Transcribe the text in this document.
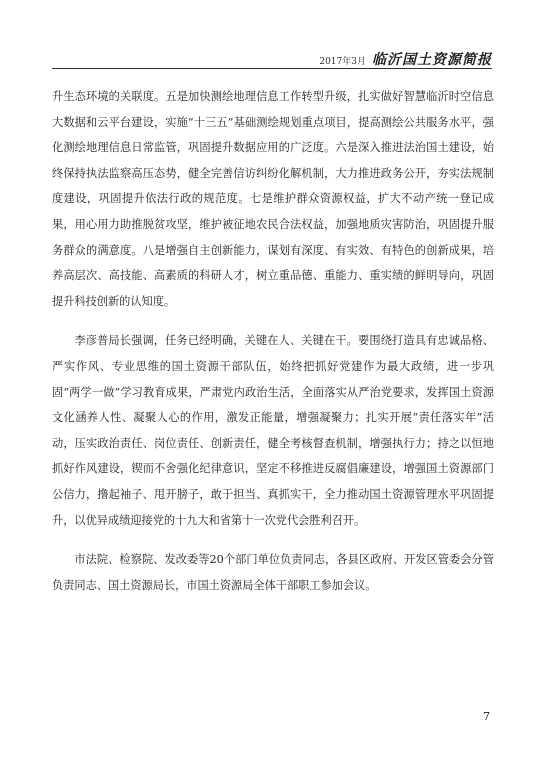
2017年3月 临沂国土资源简报

升生态环境的关联度。五是加快测绘地理信息工作转型升级，扎实做好智慧临沂时空信息大数据和云平台建设，实施“十三五”基础测绘规划重点项目，提高测绘公共服务水平，强化测绘地理信息日常监管，巩固提升数据应用的广泛度。六是深入推进法治国土建设，始终保持执法监察高压态势，健全完善信访纠纷化解机制，大力推进政务公开，夯实法规制度建设，巩固提升依法行政的规范度。七是维护群众资源权益，扩大不动产统一登记成果，用心用力助推脱贫攻坚，维护被征地农民合法权益，加强地质灾害防治，巩固提升服务群众的满意度。八是增强自主创新能力，谋划有深度、有实效、有特色的创新成果，培养高层次、高技能、高素质的科研人才，树立重品德、重能力、重实绩的鲜明导向，巩固提升科技创新的认知度。

李彦普局长强调，任务已经明确，关键在人、关键在干。要围绕打造具有忠诚品格、严实作风、专业思维的国土资源干部队伍，始终把抓好党建作为最大政绩，进一步巩固“两学一做”学习教育成果，严肃党内政治生活，全面落实从严治党要求，发挥国土资源文化涵养人性、凝聚人心的作用，激发正能量，增强凝聚力；扎实开展“责任落实年”活动，压实政治责任、岗位责任、创新责任，健全考核督查机制，增强执行力；持之以恒地抓好作风建设，锲而不舍强化纪律意识，坚定不移推进反腐倡廉建设，增强国土资源部门公信力，撸起袖子、甩开膀子，敢于担当、真抓实干，全力推动国土资源管理水平巩固提升，以优异成绩迎接党的十九大和省第十一次党代会胜利召开。

市法院、检察院、发改委等20个部门单位负责同志，各县区政府、开发区管委会分管负责同志、国土资源局长，市国土资源局全体干部职工参加会议。

7
